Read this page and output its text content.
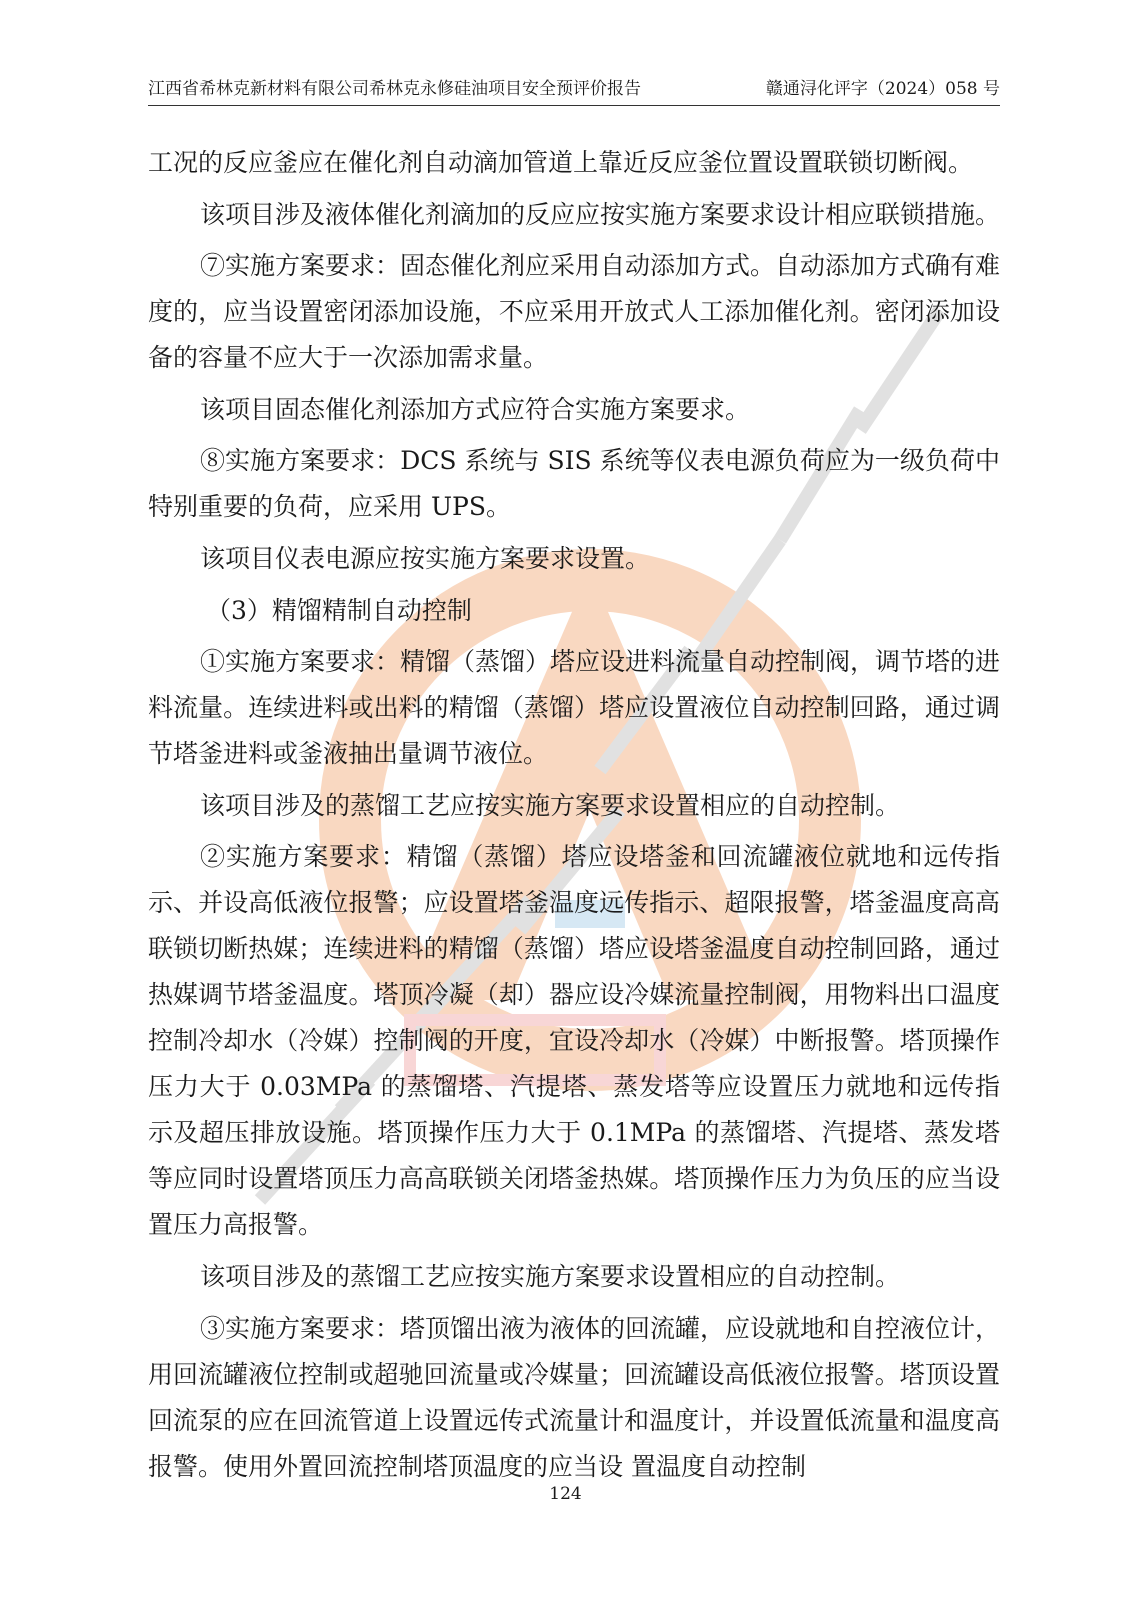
江西省希林克新材料有限公司希林克永修硅油项目安全预评价报告	赣通浔化评字（2024）058 号

工况的反应釜应在催化剂自动滴加管道上靠近反应釜位置设置联锁切断阀。

该项目涉及液体催化剂滴加的反应应按实施方案要求设计相应联锁措施。

⑦实施方案要求：固态催化剂应采用自动添加方式。自动添加方式确有难度的，应当设置密闭添加设施，不应采用开放式人工添加催化剂。密闭添加设备的容量不应大于一次添加需求量。

该项目固态催化剂添加方式应符合实施方案要求。

⑧实施方案要求：DCS 系统与 SIS 系统等仪表电源负荷应为一级负荷中特别重要的负荷，应采用 UPS。

该项目仪表电源应按实施方案要求设置。

（3）精馏精制自动控制

①实施方案要求：精馏（蒸馏）塔应设进料流量自动控制阀，调节塔的进料流量。连续进料或出料的精馏（蒸馏）塔应设置液位自动控制回路，通过调节塔釜进料或釜液抽出量调节液位。

该项目涉及的蒸馏工艺应按实施方案要求设置相应的自动控制。

②实施方案要求：精馏（蒸馏）塔应设塔釜和回流罐液位就地和远传指示、并设高低液位报警；应设置塔釜温度远传指示、超限报警，塔釜温度高高联锁切断热媒；连续进料的精馏（蒸馏）塔应设塔釜温度自动控制回路，通过热媒调节塔釜温度。塔顶冷凝（却）器应设冷媒流量控制阀，用物料出口温度控制冷却水（冷媒）控制阀的开度，宜设冷却水（冷媒）中断报警。塔顶操作压力大于 0.03MPa 的蒸馏塔、汽提塔、蒸发塔等应设置压力就地和远传指示及超压排放设施。塔顶操作压力大于 0.1MPa 的蒸馏塔、汽提塔、蒸发塔等应同时设置塔顶压力高高联锁关闭塔釜热媒。塔顶操作压力为负压的应当设置压力高报警。

该项目涉及的蒸馏工艺应按实施方案要求设置相应的自动控制。

③实施方案要求：塔顶馏出液为液体的回流罐，应设就地和自控液位计，用回流罐液位控制或超驰回流量或冷媒量；回流罐设高低液位报警。塔顶设置回流泵的应在回流管道上设置远传式流量计和温度计，并设置低流量和温度高报警。使用外置回流控制塔顶温度的应当设 置温度自动控制

124
